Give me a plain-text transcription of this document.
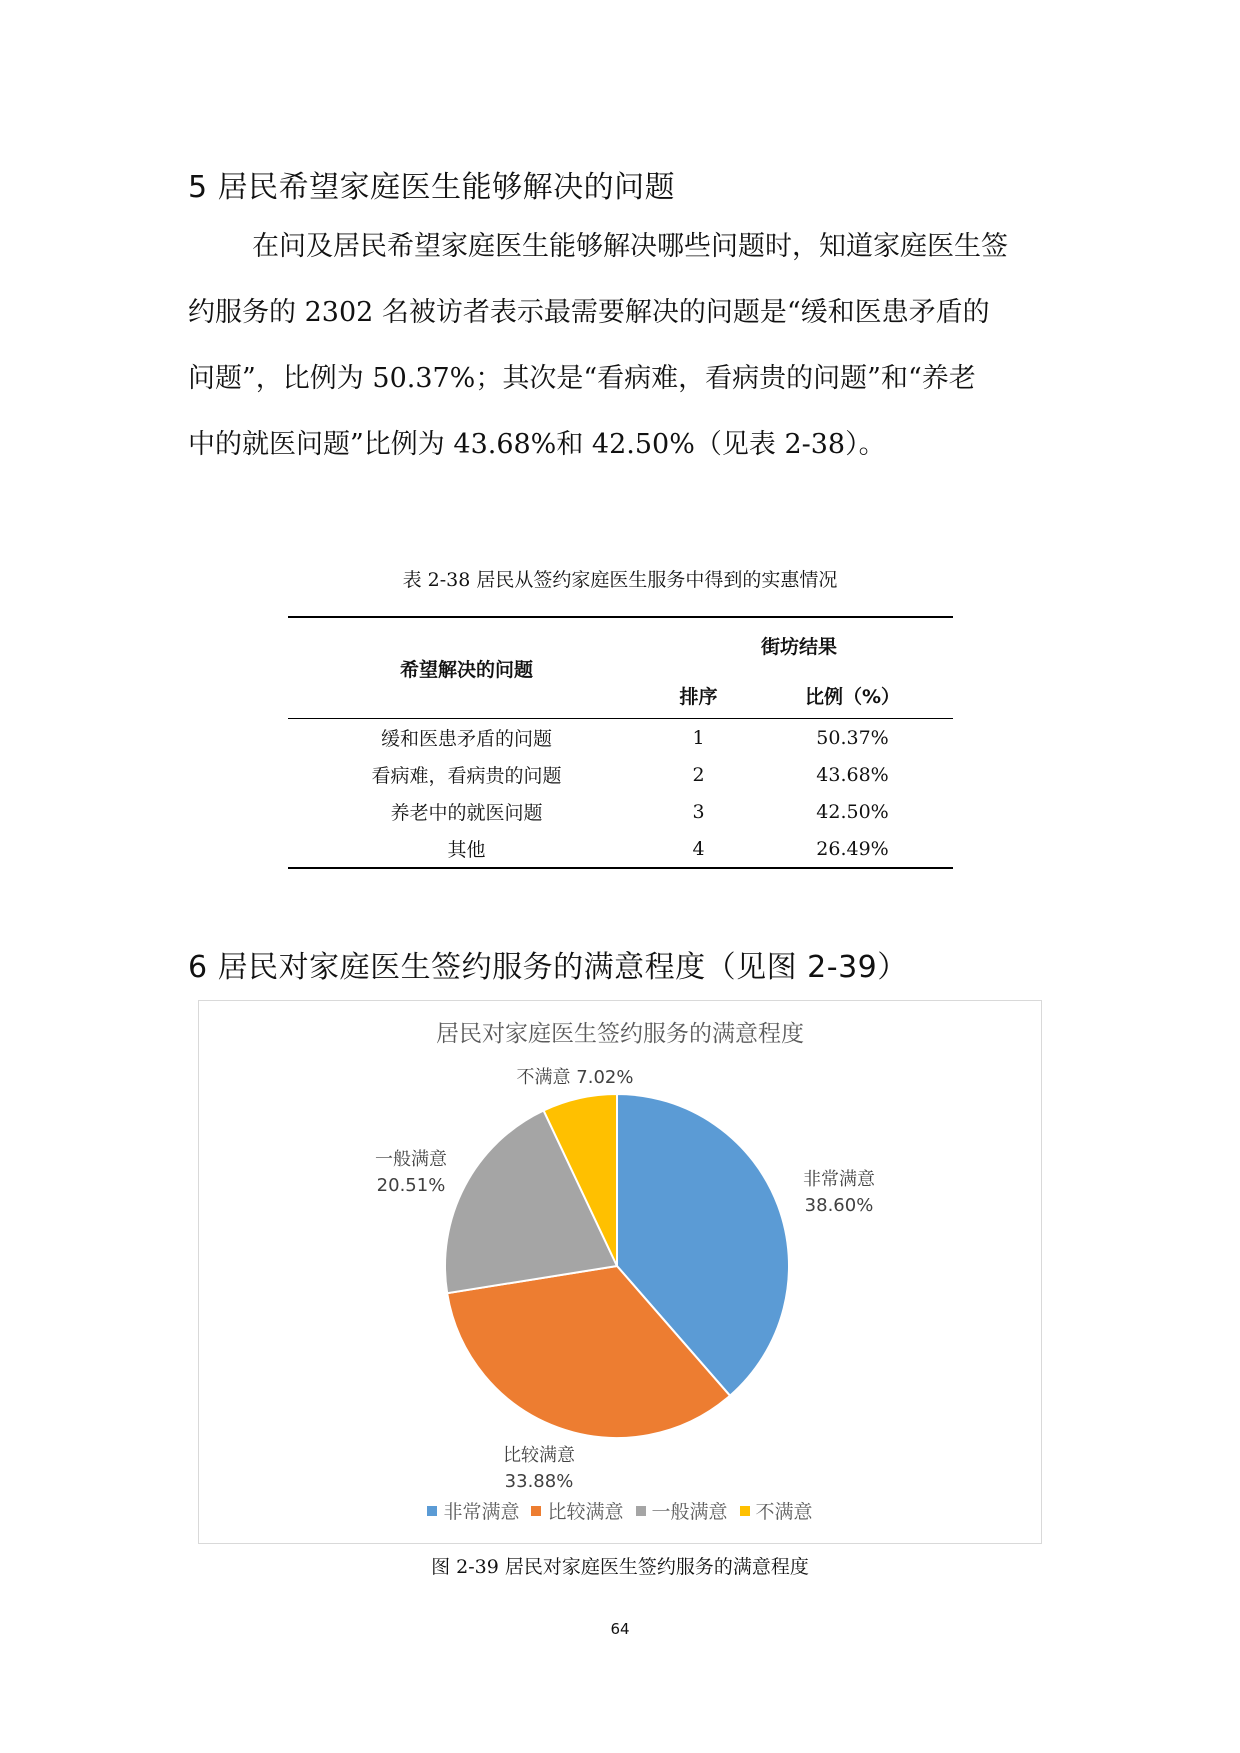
5 居民希望家庭医生能够解决的问题
在问及居民希望家庭医生能够解决哪些问题时，知道家庭医生签
约服务的 2302 名被访者表示最需要解决的问题是“缓和医患矛盾的
问题”，比例为 50.37%；其次是“看病难，看病贵的问题”和“养老
中的就医问题”比例为 43.68%和 42.50%（见表 2-38）。
表 2-38 居民从签约家庭医生服务中得到的实惠情况
希望解决的问题	街坊结果	
	排序	比例（%）
缓和医患矛盾的问题	1	50.37%
看病难，看病贵的问题	2	43.68%
养老中的就医问题	3	42.50%
其他	4	26.49%
6 居民对家庭医生签约服务的满意程度（见图 2-39）
居民对家庭医生签约服务的满意程度
非常满意
38.60%
比较满意
33.88%
一般满意
20.51%
不满意 7.02%
非常满意 比较满意 一般满意 不满意
图 2-39 居民对家庭医生签约服务的满意程度
64
